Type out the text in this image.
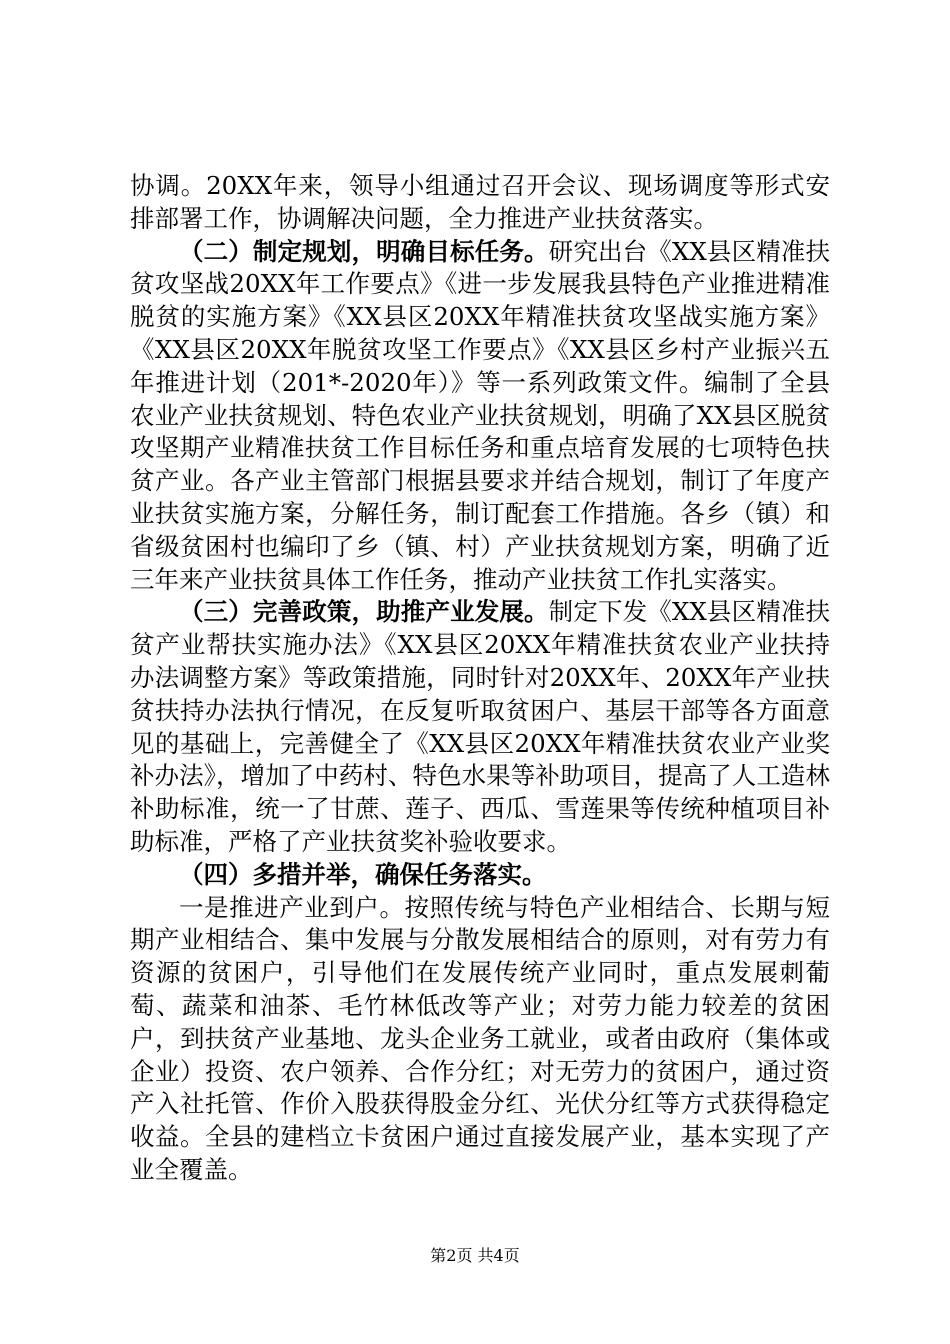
协调。20XX年来，领导小组通过召开会议、现场调度等形式安排部署工作，协调解决问题，全力推进产业扶贫落实。

（二）制定规划，明确目标任务。研究出台《XX县区精准扶贫攻坚战20XX年工作要点》《进一步发展我县特色产业推进精准脱贫的实施方案》《XX县区20XX年精准扶贫攻坚战实施方案》《XX县区20XX年脱贫攻坚工作要点》《XX县区乡村产业振兴五年推进计划（201*-2020年）》等一系列政策文件。编制了全县农业产业扶贫规划、特色农业产业扶贫规划，明确了XX县区脱贫攻坚期产业精准扶贫工作目标任务和重点培育发展的七项特色扶贫产业。各产业主管部门根据县要求并结合规划，制订了年度产业扶贫实施方案，分解任务，制订配套工作措施。各乡（镇）和省级贫困村也编印了乡（镇、村）产业扶贫规划方案，明确了近三年来产业扶贫具体工作任务，推动产业扶贫工作扎实落实。

（三）完善政策，助推产业发展。制定下发《XX县区精准扶贫产业帮扶实施办法》《XX县区20XX年精准扶贫农业产业扶持办法调整方案》等政策措施，同时针对20XX年、20XX年产业扶贫扶持办法执行情况，在反复听取贫困户、基层干部等各方面意见的基础上，完善健全了《XX县区20XX年精准扶贫农业产业奖补办法》，增加了中药村、特色水果等补助项目，提高了人工造林补助标准，统一了甘蔗、莲子、西瓜、雪莲果等传统种植项目补助标准，严格了产业扶贫奖补验收要求。

（四）多措并举，确保任务落实。

一是推进产业到户。按照传统与特色产业相结合、长期与短期产业相结合、集中发展与分散发展相结合的原则，对有劳力有资源的贫困户，引导他们在发展传统产业同时，重点发展刺葡萄、蔬菜和油茶、毛竹林低改等产业；对劳力能力较差的贫困户，到扶贫产业基地、龙头企业务工就业，或者由政府（集体或企业）投资、农户领养、合作分红；对无劳力的贫困户，通过资产入社托管、作价入股获得股金分红、光伏分红等方式获得稳定收益。全县的建档立卡贫困户通过直接发展产业，基本实现了产业全覆盖。

第2页 共4页
